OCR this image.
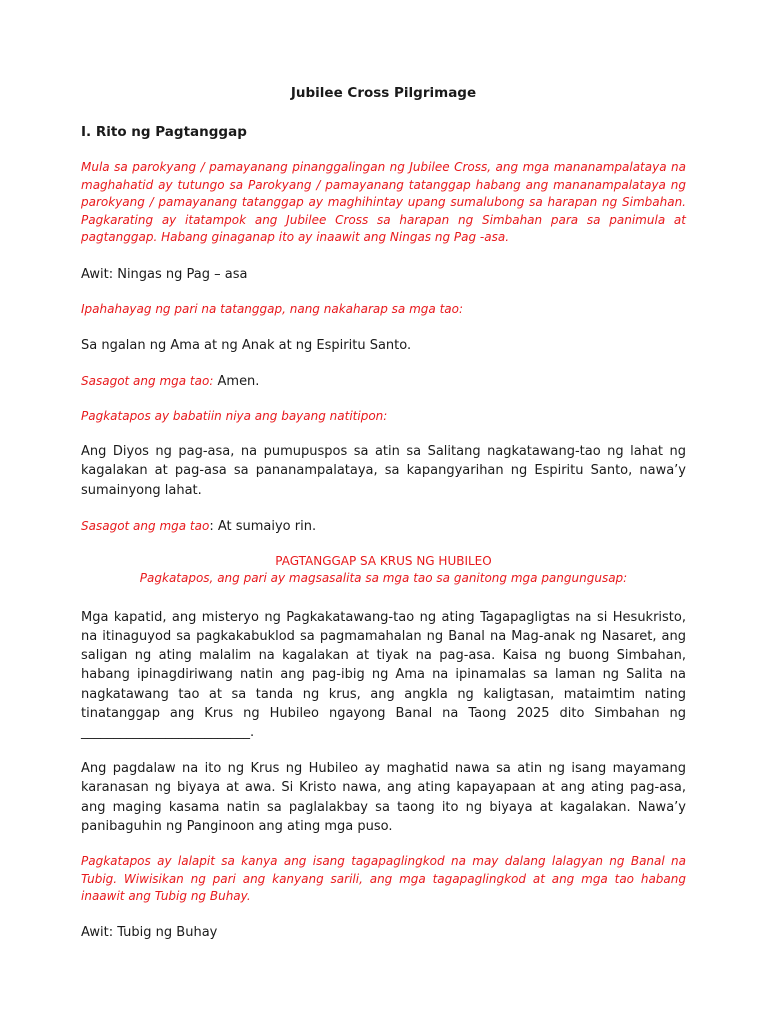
Jubilee Cross Pilgrimage
I. Rito ng Pagtanggap

Mula sa parokyang / pamayanang pinanggalingan ng Jubilee Cross, ang mga mananampalataya na maghahatid ay tutungo sa Parokyang / pamayanang tatanggap habang ang mananampalataya ng parokyang / pamayanang tatanggap ay maghihintay upang sumalubong sa harapan ng Simbahan. Pagkarating ay itatampok ang Jubilee Cross sa harapan ng Simbahan para sa panimula at pagtanggap. Habang ginaganap ito ay inaawit ang Ningas ng Pag -asa.

Awit: Ningas ng Pag – asa

Ipahahayag ng pari na tatanggap, nang nakaharap sa mga tao:

Sa ngalan ng Ama at ng Anak at ng Espiritu Santo.

Sasagot ang mga tao: Amen.

Pagkatapos ay babatiin niya ang bayang natitipon:

Ang Diyos ng pag-asa, na pumupuspos sa atin sa Salitang nagkatawang-tao ng lahat ng kagalakan at pag-asa sa pananampalataya, sa kapangyarihan ng Espiritu Santo, nawa’y sumainyong lahat.

Sasagot ang mga tao: At sumaiyo rin.

PAGTANGGAP SA KRUS NG HUBILEO

Pagkatapos, ang pari ay magsasalita sa mga tao sa ganitong mga pangungusap:

Mga kapatid, ang misteryo ng Pagkakatawang-tao ng ating Tagapagligtas na si Hesukristo, na itinaguyod sa pagkakabuklod sa pagmamahalan ng Banal na Mag-anak ng Nasaret, ang saligan ng ating malalim na kagalakan at tiyak na pag-asa. Kaisa ng buong Simbahan, habang ipinagdiriwang natin ang pag-ibig ng Ama na ipinamalas sa laman ng Salita na nagkatawang tao at sa tanda ng krus, ang angkla ng kaligtasan, mataimtim nating tinatanggap ang Krus ng Hubileo ngayong Banal na Taong 2025 dito Simbahan ng __________________________.

Ang pagdalaw na ito ng Krus ng Hubileo ay maghatid nawa sa atin ng isang mayamang karanasan ng biyaya at awa. Si Kristo nawa, ang ating kapayapaan at ang ating pag-asa, ang maging kasama natin sa paglalakbay sa taong ito ng biyaya at kagalakan. Nawa’y panibaguhin ng Panginoon ang ating mga puso.

Pagkatapos ay lalapit sa kanya ang isang tagapaglingkod na may dalang lalagyan ng Banal na Tubig. Wiwisikan ng pari ang kanyang sarili, ang mga tagapaglingkod at ang mga tao habang inaawit ang Tubig ng Buhay.

Awit: Tubig ng Buhay
